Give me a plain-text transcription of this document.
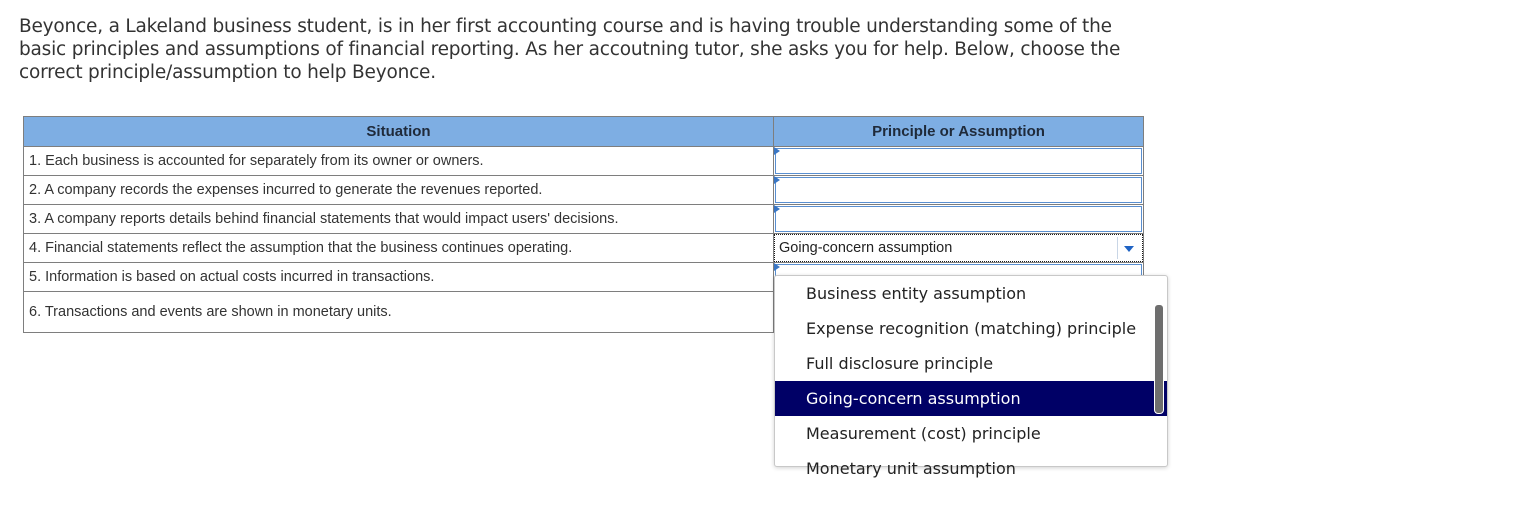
Beyonce, a Lakeland business student, is in her first accounting course and is having trouble understanding some of the basic principles and assumptions of financial reporting. As her accoutning tutor, she asks you for help. Below, choose the correct principle/assumption to help Beyonce.
Situation	Principle or Assumption
1. Each business is accounted for separately from its owner or owners.	

2. A company records the expenses incurred to generate the revenues reported.	

3. A company reports details behind financial statements that would impact users' decisions.	

4. Financial statements reflect the assumption that the business continues operating.	Going-concern assumption

5. Information is based on actual costs incurred in transactions.	

6. Transactions and events are shown in monetary units.	
Business entity assumption
Expense recognition (matching) principle
Full disclosure principle
Going-concern assumption
Measurement (cost) principle
Monetary unit assumption
